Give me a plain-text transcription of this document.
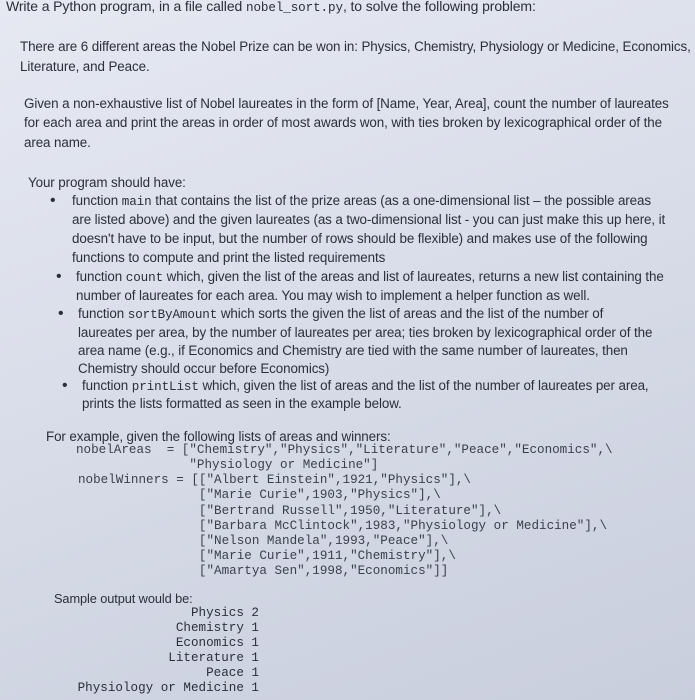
Write a Python program, in a file called nobel_sort.py, to solve the following problem:
There are 6 different areas the Nobel Prize can be won in: Physics, Chemistry, Physiology or Medicine, Economics,
Literature, and Peace.
Given a non-exhaustive list of Nobel laureates in the form of [Name, Year, Area], count the number of laureates
for each area and print the areas in order of most awards won, with ties broken by lexicographical order of the
area name.
Your program should have:
• function main that contains the list of the prize areas (as a one-dimensional list – the possible areas
are listed above) and the given laureates (as a two-dimensional list - you can just make this up here, it
doesn't have to be input, but the number of rows should be flexible) and makes use of the following
functions to compute and print the listed requirements
• function count which, given the list of the areas and list of laureates, returns a new list containing the
number of laureates for each area. You may wish to implement a helper function as well.
• function sortByAmount which sorts the given the list of areas and the list of the number of
laureates per area, by the number of laureates per area; ties broken by lexicographical order of the
area name (e.g., if Economics and Chemistry are tied with the same number of laureates, then
Chemistry should occur before Economics)
• function printList which, given the list of areas and the list of the number of laureates per area,
prints the lists formatted as seen in the example below.
For example, given the following lists of areas and winners:
nobelAreas  = ["Chemistry","Physics","Literature","Peace","Economics",\
"Physiology or Medicine"]
nobelWinners = [["Albert Einstein",1921,"Physics"],\
["Marie Curie",1903,"Physics"],\
["Bertrand Russell",1950,"Literature"],\
["Barbara McClintock",1983,"Physiology or Medicine"],\
["Nelson Mandela",1993,"Peace"],\
["Marie Curie",1911,"Chemistry"],\
["Amartya Sen",1998,"Economics"]]
Sample output would be:
Physics 2
Chemistry 1
Economics 1
Literature 1
Peace 1
Physiology or Medicine 1
